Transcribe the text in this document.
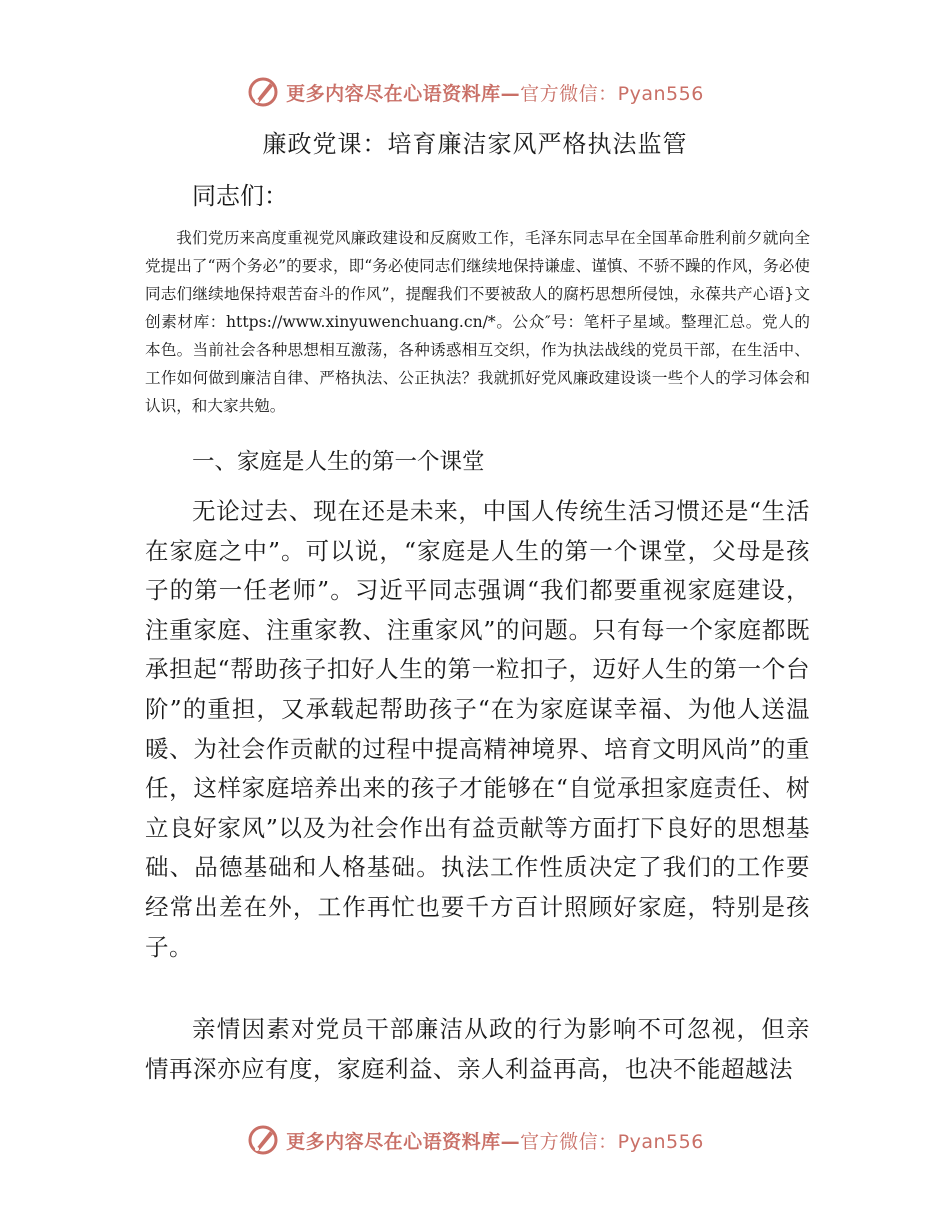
更多内容尽在心语资料库—官方微信：Pyan556
廉政党课：培育廉洁家风严格执法监管
同志们：

我们党历来高度重视党风廉政建设和反腐败工作，毛泽东同志早在全国革命胜利前夕就向全党提出了“两个务必”的要求，即“务必使同志们继续地保持谦虚、谨慎、不骄不躁的作风，务必使同志们继续地保持艰苦奋斗的作风”，提醒我们不要被敌人的腐朽思想所侵蚀，永葆共产心语}文创素材库：https://www.xinyuwenchuang.cn/*。公众″号：笔杆子星域。整理汇总。党人的本色。当前社会各种思想相互激荡，各种诱惑相互交织，作为执法战线的党员干部，在生活中、工作如何做到廉洁自律、严格执法、公正执法？我就抓好党风廉政建设谈一些个人的学习体会和认识，和大家共勉。

一、家庭是人生的第一个课堂

无论过去、现在还是未来，中国人传统生活习惯还是“生活在家庭之中”。可以说，“家庭是人生的第一个课堂，父母是孩子的第一任老师”。习近平同志强调“我们都要重视家庭建设，注重家庭、注重家教、注重家风”的问题。只有每一个家庭都既承担起“帮助孩子扣好人生的第一粒扣子，迈好人生的第一个台阶”的重担，又承载起帮助孩子“在为家庭谋幸福、为他人送温暖、为社会作贡献的过程中提高精神境界、培育文明风尚”的重任，这样家庭培养出来的孩子才能够在“自觉承担家庭责任、树立良好家风”以及为社会作出有益贡献等方面打下良好的思想基础、品德基础和人格基础。执法工作性质决定了我们的工作要经常出差在外，工作再忙也要千方百计照顾好家庭，特别是孩子。

亲情因素对党员干部廉洁从政的行为影响不可忽视，但亲情再深亦应有度，家庭利益、亲人利益再高，也决不能超越法

更多内容尽在心语资料库—官方微信：Pyan556
